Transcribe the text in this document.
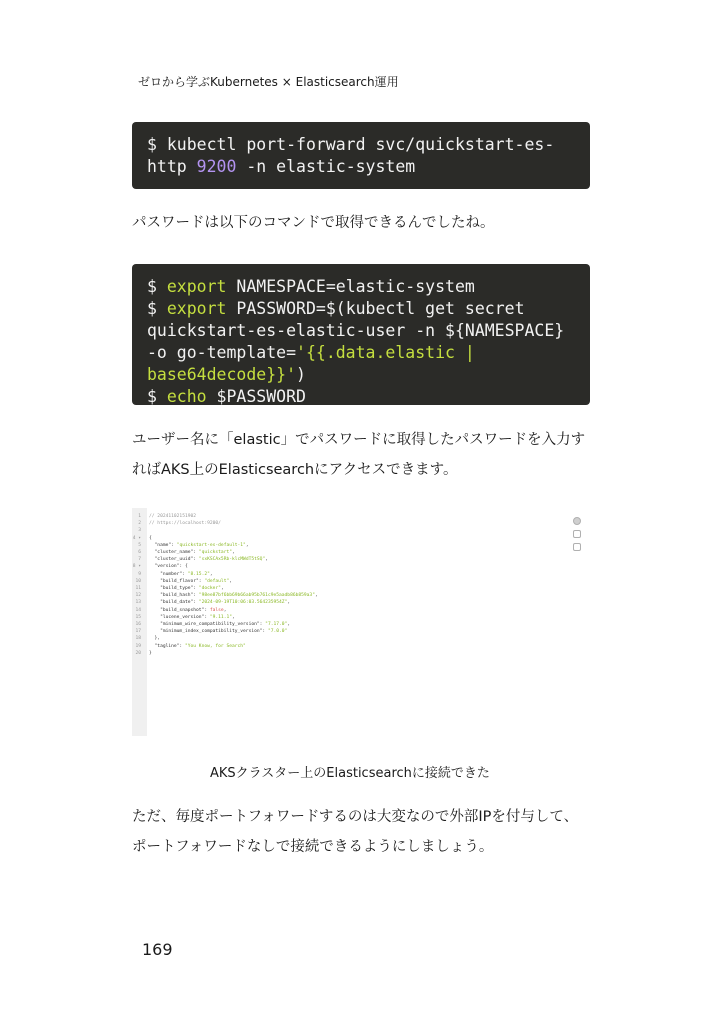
ゼロから学ぶKubernetes × Elasticsearch運用
$ kubectl port-forward svc/quickstart-es-
http 9200 -n elastic-system
パスワードは以下のコマンドで取得できるんでしたね。
$ export NAMESPACE=elastic-system
$ export PASSWORD=$(kubectl get secret
quickstart-es-elastic-user -n ${NAMESPACE}
-o go-template='{{.data.elastic |
base64decode}}')
$ echo $PASSWORD
ユーザー名に「elastic」でパスワードに取得したパスワードを入力すればAKS上のElasticsearchにアクセスできます。
1 // 20241102151902
2 // https://localhost:9200/
3
4 ▾ {
5  "name": "quickstart-es-default-1",
6  "cluster_name": "quickstart",
7  "cluster_uuid": "sxKSCAx5Rb-klcMWdT5tSQ",
8 ▾  "version": {
9    "number": "8.15.2",
10    "build_flavor": "default",
11    "build_type": "docker",
12    "build_hash": "98ee87bf6bb69b66ab95b761c9e5aadb86b859a3",
13    "build_date": "2024-09-19T10:06:03.564235954Z",
14    "build_snapshot": false,
15    "lucene_version": "9.11.1",
16    "minimum_wire_compatibility_version": "7.17.0",
17    "minimum_index_compatibility_version": "7.0.0"
18  },
19  "tagline": "You Know, for Search"
20 }
AKSクラスター上のElasticsearchに接続できた
ただ、毎度ポートフォワードするのは大変なので外部IPを付与して、ポートフォワードなしで接続できるようにしましょう。
169
